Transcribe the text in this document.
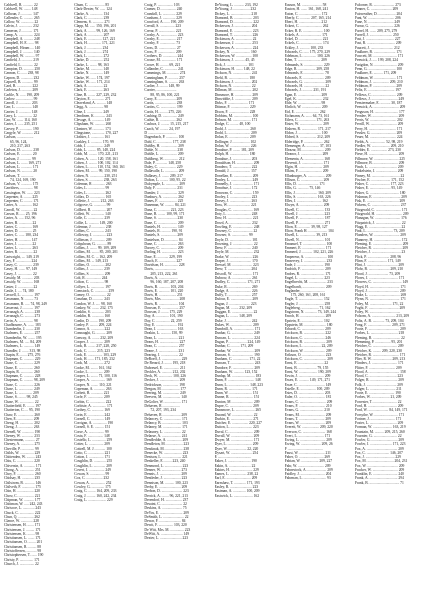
Caldwell, R. ........... 22
Caldwell, W. ........ 148
Calhoun, J. ............ 147
Callender, C. .......... 265
Callow, W. .............. 22
Calvin, J. ............... 232
Cameron, J. ........... 171
Camp, A. ................ 224
Campbell, A. .......... 248
Campbell, H. E. ...... 98
Campbell, Hiram .... 140
Campbell, J. ........... 140
Campbell, W. ........... 97
Canfield, J. ............ 219
Canfield, L. ............ 22
Campion, D. ........... 250
Cannon, C. ...... 238, 98
Capron, D. ............. 232
Capwell, B. ............ 99
Card, B. ................ 222
Carleton, J. ........... 209
Carlile, N. ...... 190, 209
Carlow ................... 99
Carroll, J. ............. 203
Carr, L. ................. 148
Carrier, J. ............. 148
Carry, L. ................ 22
Carr, W. ....... 114, 160
Carter, J. ...... 235, 251
Carvey, P. .............. 190
Cargyle, W. ............ 212
Carlson, ..................
65, 96, 124,
210, 217, 263
Carlson, D. ............ 238
Carlson, E. ............ 20
Carlson, J. ............ 99
Carlson, L. ....... 169, 271
Carlson, L. ............ 171
Carlson, N. ............ 20
Carlson, T. ..............
74, 124, 169, 190
Carlson, V. ............ 175
Carrithers, .............. 98
Cassington, W. ....... 223
Carpenter, A. ........ 225
Carpenter, C. ......... 171
Carter, A. .............. 162
Carroll, W. ............. 22
Carson, R. ..... 25, 196
Carter, A. ..... 152, 96
Carter, B. .............. 22
Carter, C. .............. 169
Carter, D. .............. 25
Carter, C. ...... 180, 234
Carter, H. ............. 147
Carter, J. ............... 22
Carter, L. .............. 263
Carter, R. ............... 22
Cartwright, .... 149, 219
Cary, F. ................ 224
Casey, C. ............... 239
Casey, H. ....... 97, 149
Casey, J. ................ 22
Cassidy, M. ............ 203
Cassidy, W. ............ 168
Caster, J. ................ 22
Castle, J. .... 74, 180
Caswell, L. ............. 197
Cassmann, N. ......... 73
Cassmann, B. ..... 74, 98, 249
Casserout, J. ........... 197
Cavanagh, A. .......... 238
Cavanagh, C. .......... 273
Cavin, A. ................ 98
Chadbourne, A. ....... 183
Chamberlin, J. ........ 230
Chalmers, E. ........... 257
Chamberlin, W. ........ 195
Chalmers, M. ..... 84, 209
Chalmers, L. ........... 149
Chandler, J. ....... 313, 98
Chapin, E. ....... 275, 276
Chapman, C. ........... 229
Chase, C. ................ 229
Chase, E. ................ 260
Chapin, R. .............. 260
Chapman, C. ........... 228
Chapman, C. .......... 98, 209
Chase, C. ................ 226
Chase, L. ................ 249
Chase, L. ............... 209
Chase, S. ........ 98, 245
Chase, W. ................ 22
Chatterfield, E. ........ 197
Chatterton, C. ... 95, 190
Chaw, E. ................. 260
Chen, E. ................. 209
Cheng, H. ............... 202
Cheng, J. ................ 263
Chenell, W. ............. 190
Cheney, W. ............. 233
Chestermann, ........... 27
Cheney, A. .............. 275
Cheville, P. .............. 99
Childs, W. ............... 229
Chittenden, W. ......... 243
Chiu, C. .................. 220
Chiversin, A. ............ 171
Chong, A. ................ 251
Choy, F. ................... 260
Chidsay, H. ............. 235
Chilstrom, B. ........... 146
Chilveth, F. .............. 175
Chin, H. .................. 220
Chow, C. ................. 221
Chipman, W. ........... 177
Chittman, W. ..... 242, 243
Chriscoe, L. ............. 243
Chuck, C. ................ 222
Chun, Q. ................. 262
Clance, W. ............. 228
Christensen, H. ....... 171
Christensen, J. ......... 171
Christensen, K. ........ 98
Christiansen, L. ....... 171
Christiansen, O. ........ 201
Christiansen, R. ......... 88
Christoffersen, ........... 98
Christophersen, T. ...... 190
Christy, P. ............... 171
Church, J. ................ 22
Chum, C. ................. 85
Clark-Dexter, W. ...... 124
Clarke, A. .............. 134
Clark, C. ................ 239
Clemens, S. ............ 271
Clapp, M. ...... 150, 196, 201
Clark, A. ........ 99, 126, 169
Clark, A. ................ 207
Clark, E. ............... 127, 221
Clark, H. .............. 171, 221
Clark, J. ................ 234
Clark, J. ................ 274
Clark, L. ................ 272
Clarke, D. .............. 252
Clarke, L. ........ 98, 163
Clarke, M. ............. 148
Clarke, N. .............. 149
Clarke, W. ...... 174, 197
Clarke, W. ...... 171, 214
Clark, A. ................ 22
Clark, E. ................ 263
Cline, B. ........ 227, 229, 232
Clayton, E. .............. 271
Cleaveland, A. .......... 148
Clegg, A. ................ 98
Cline, J. ................. 249
Clendinen, K. ........... 243
Clevage, A. ............. 149
Clipsham, W. ........... 260
Clontner, W. ............ 173
Clingstone, .............. 170, 227
Clothier, J. .............. 161
Coakley, J. ............ 170, 99
Cobb, J. .................. 249
Cobb, L. ......... 85, 148, 224
Cobb, M. ......... 170, 221, 213
Cohen, A. ........ 120, 158, 161
Cohen, J. ......... 100, 102, 114
Cohen, L. ........ 110, 152, 160, 161
Cohen, M. ........ 99, 150, 190
Cohen, N. ............... 230, 251
Cohen, S. ............... 238, 263
Coleman, R. ............. 263
Coles, L. .................. 99
Coles, L. .................. 262
Colfax, D. ................ 165
Collette, J. .......... 212, 263
Colgrove, G. ............. 99
Collbert, R. ............... 207
Collett, W. ............... 140
Colle, C. ................. 239
Collie, L. ........... 149, 200
Coleman, J. .............. 238
Collins, C. ............... 243
Colloway, J. .............. 223
Collinson, J. ............. 209
Colquhoun, G. ........... 89
Collins, J. ........ 99, 109, 209
Collins, M. ........ 85, 200, 201
Collins, M. C. ... 162, 209
Collins, M. ... 149, 213
Collins, O. ............... 202
Collins, J. ............... 239
Collins, S. ............... 209
Colt, R. ................ 244
Colton, C. ............... 98
Collyer, L. ............... 197
Comstock, C. .............. 259
Comey, O. ................. 22
Conahan, D. ........... 243
Condon, W. J. ..... 98, 160
Conkey, W. ........ 232, 175
Conklin, S. .............. 203
Conklin, R. ............. 160
Conlin, D. ........ 190, 209
Conley, P. ......... 209, 224
Connor, A. .............. 222
Connaught, G. .......... 209
Conway, A. ........ 232, 209
Cooper, J. ............... 209
Cook, B. ........ 217, 228, 250
Cook, C. ......... 215, 223
Cook, E. ................ 103, 229
Cook, H. ...... 171, 185, 232
Cook, M. ................ 272
Cooke, M. ........ 161, 162
Cooke, L. ............... 209
Cooper, L. ........ 71, 100, 116
Cooper, A. ................ 169
Cooper, N. ........ 110, 221
Copeman, A. ............ 263
Corbett, B. ............. 221
Corfe, F. ................. 209
Corbin, C. ................ 222
Corbiste, A. ............... 171
Corthey, C. ............. 169
Corin, E. ................. 242
Cornell, C. .............. 149
Corrigan, A. ............... 190
Cornell, S. E. .......... 151
Corse, A. ................. 99
Costa, F. ................. 148
Costello, L. ............... 259
Cotter, L. ................ 209
Cottrell, M. J. ........... 100
Cotto, C. ................. 221
Cotton, J. ................ 171
Coughlin, D. ............. 255
Coughlin, L. ............. 209
Covert, J. ................. 249
Cowan, S. ................ 99
Cox, C. .................. 232
Cowan, A. ................ 252
Cowley, G. .............. 175
Craig, C. ........ 164, 209, 233
Craig, J. ......... 160, 242, 234
Craig, L. .................... 229
Craig, P. ................. 103
Cramer, D. ................ 240
Crandall, L. .............. 229
Cranham, J. .............. 229
Crawford, A. ...... 190, 209
Crerall, S. ................ 223
Crerar, P. .................. 221
Crosby, A. .................. 223
Crosby, E. ................. 217
Crosby, F. ................. 73
Cross, D. ................... 27
Cross, P. ................... 209
Crothers, D. ............... 244
Crouse, M. ................ 171
Crowe, H. ......... 69, 221
Cullander, C. .............. 241
Cummings, M. ............. 274
Cunningham, P. ........... 257
Cunningham, S. .......... 263
Curlier, J. ......... 148, 99
Currier, ......................
88, 95, 86, 100, 221
Curry, E. ................... 209
Curtis, ....................... 238
Curtiss, C. ................. 199
Curtis, H. ......... 275, 226
Cushing, D. ................ 249
Cuthie, R. ................. 262
Cushwa, J. ......... 15, 215, 217
Czach, W. ......... 24, 197
D ...............................
Dagenbach, P. ............. 100
Dahl, C. ................ 177, 238
Dahlby, H. .................. 209
Dahle, N. ................... 238
Dahlle, L. ................... 209
Dahlberg, W. ............... 212
Dale, P. ............ 148, 258
Daley, C. ................... 229
Dallavalle, L. .............. 209
Dallasey, J. ........ 209, 217
Dalton, L. ......... 100, 95, 22
Dalrymple, L. .............. 209
Daly, F. ...................... 231
Damler, J. ................... 229
Danbury, A. ................ 262
Danes, F. .................... 225
Daneman, W. .......... 84, 221
Dana, C. ............. 221, 223
Dane, B. ........ 100, 99, 171
Dane, S. ..................... 230
Dane, C. ..................... 209
Daniels, H. ................. 149
Daniels, R. .......... 190, 91
Daniels, S. ................. 209
Danielson, D. .............. 84
Dane, C. ..................... 263
Darcey, C. .................. 209
Darling, H. ................. 223
Dase, E. ............ 229, 199
Dasch, E. .................. 227
Davidson, H. ............... 228
Davis, ........................
205, 213, 222, 261
Davis, A. .....................
96, 160, 187, 207, 208
Davis, B. ............ 103, 204
Davis, E. ............ 101, 220
Davis, H. ................... 251
Davis, Mrs. .................. 208
Davis, R. ..................... 104
Dawson, E. .................. 257
Dawson, J. ........ 175, 229
Day, A. .............. 101, 190
Day, C. ............... 22, 259
Day, E. ....................... 192
Dean, J. ...................... 163
Deakin, L. ........... 150, 99
Dean, L. ...................... 221
Deans, H. ..................... 227
Dean, C. ...................... 257
Deane, J. ..................... 231
Dearing, J. ................... 22
DeBoeff, J. ..................... 229
De Berard, J. ........ 195, 218
Dubreuel, E. ................. 211
Deckler, A. ........... 212, 202
Deck, W. ............... 100, 226
Decker, J. ..................... 209
Dedrickson, ................. 198
Deegan, M. ................... 177
Deering, M. .................. 249
Deevers, M. ................... 140
DeGolier, W. .................. 171
Dehaven, R. ..................
72, 207, 193, 234
Dehaven, R. ................... 209
Delancey, C. ................... 171
Delancy, B. ..................... 103
Delaney, M. .................... 171
Delauney, L. ................... 22
Delarue, A. ..................... 241
Dendleddie, A. ................ 209
Dendleton, M. .................. 223
Dendarak, M. ................... 238
Denecke, W. .................... 223
Denison, L. ..................... 221
Denkeller, E. ........ 223, 240
Denmond, L. ................... 223
Denner, W. ..................... 273
Dennis, J. ....................... 209
Dentleder, J. ................... 223
Dennison, M. .......... 100, 223
Derby, E. ........................ 209
Derbon, D. ....................... 223
Derrick, A. ........ 96, 221, 213
Derendorf, H. .................. 237
Desaint, C. ....................... 22
Deskins, A. ...................... 75
DeVos, E. ......................... 209
DeSmith, L. ....................... 22
Dewar, F. ........................ 84
Dewit, F. ................ 103, 220
De Witt, Mrs. M. ............... 223
DeWitt, A. ........................ 149
Dexter, L. ........................ 223
DeYoung, L. ........... 233, 192
DeYoung, J. .................. 232
Dickey, L. ...................... 218
Diamond, B. .................... 203
Diamond, D. .................... 222
Dickerson, J. .................. 204
Diamond, E. .................... 223
Diamond, T. .................... 226
Dickinson, A. .................. 22
Dickenson, J. .................. 253
Dickerson, A. .................. 224
Dickey, N. ..................... 160
Dickerson, W. ................. 100
Dickinson, J. ........... 45, 45
Dick, J. ....................... 101
Dickinson, H. ........ 148, 22
Dickson, N. .................... 241
Diehl, B. ...................... 180
Dickinson, J. .................. 202
Dickson, N. .................... 22
Dillman, M. .................... 202
Dinsmore, H. .................. 209
Dinwiddie, J. .................. 209
Dirks, F. ...................... 171
Dittmar, F. .................... 229
Dixon, F. ...................... 228
Dobbins, M. .................... 100
Dobson, M. .................... 171
Dodge, C. ......... 48, 100
Dodd, J. ........................ 260
Dodd, L. ........................ 209
Dolan, E. ...................... 209
Dollinger, J. .................. 102
Dolan, W. ...................... 226
Donahue, P. ........ 181, 209
Dolph, H. ..................... 180
Donahue, J. .................... 203
Donaldson, H. .................. 209
Dondero, T. .................... 222
Donald, J. ...................... 157
Donellan, E. .................... 209
Donley, L. ....................... 249
Donnelly, J. ...................... 171
Donohue, J. .................... 172
Donovan, C. .................... 159
Dooley, J. ....................... 223
Dorsey, J. ....................... 263
Doss, W. ........................ 221
Douglas, C. ...................... 169
Doty, L. .......................... 248
Dow, H. ........................... 221
Dowd, A. ........................ 232
Dowling, E. ...................... 248
Downey, C. ...................... 22
Downer, S. .................. 99
Doyle, D. ........................ 101
Downing, J. ...................... 22
Drew, F. .......................... 240
Doyle, M. ......................... 232
Drake, W. ........................ 226
Draper, J. ........................ 170
Dressel, M. ...................... 223
Drew, T. ......................... 204
Driscoll, W. ..................... 171
Dubrow, A. ..................... 261
Dudley, C. ................. 171, 271
Duke, R. ......................... 269
Dudge, A. ....................... 226
Duffy, T. ......................... 257
Dufour, E. ....................... 209
Dugan, J. ....................... 223
Dugan, M. ........ 232, 209
Duggan, E. ....................... 22
Dugan, L. ......... 148, 209
Duke, J. .......................... 242
Dukes, W. ........................ 209
Dumbrill, A. ...................... 171
Dunbar, G. ........................ 249
Duncan, L. ........................ 224
Dugan, P. ................... 224, 149
Dunbar, C. ......... 171, 209
Dunbar, W. ........................ 209
Duncan, S. ........................ 190
Dunham, C. ................. 171, 22
Duncan, T. ......................... 243
Dundore, F. ....................... 209
Dunham, W. ........... 123, 152
Dunlap, M. ......................... 183
Dunn, F. ............................. 148
Dunn, L. ....................... 148, 223
Dunn, R. ......................... 171
Dunn, W. ......................... 151
Dunne, R. ......................... 151
Dunton, M. ....................... 209
Dupre, C. ......................... 209
Dunsmore, L. ..................... 265
Durand, W. ....................... 22
Durkin, E. ........................ 271
Dutcher, E. .................. 220, 227
Dutton, L. ........................ 223
Duval, C. .......................... 209
Duvall, W. ........................ 209
Dwyer, M. ........................ 171
Dyer, L. ........................... 209
Dyer, W. .................... 22, 220
Dysart, W. ....................... 254
E .....................................
Eaker, J. ......................... 190
Eakin, A. ........................ 22
Eakins, H. ........................ 229
Eames, L. .................. 238, 22
Earl, E. ........................... 209
Earnshaw, T. ............. 171, 193
Easley, R. ........................ 223
Eastman, A. .............. 100, 209
Eastwick, L. ..................... 162
Easson, M. ...................... 58
Easton, H. ....... 161, 168, 241
Eaton, C. ........................ 172
Eberly, C. ........... 207, 165, 214
Ebert, H. ........................ 212
Eckert, C. ........................ 262
Ecker, R. E. ...................... 100
Eckels, A. ....................... 171
Eckel, D. ......................... 221
Eckels, C. ........................ 174
Eckley, J. ........... 100, 233
Edwards, C. ...... 175, 270, 229
Edelman, L. .............. 100, 226
Eden, T. ......................... 209
Edmunds, S. ..................... 229
Edge, R. ................... 209, 258
Edmonds, E. ...................... 78
Edwards, E. ....................... 209
Edwards, G. ....................... 209
Edwards, H. ....................... 22
Edwards, J. ........... 231, 191
Egan, E. ......................... 209
Egel, K. ........................... 232
Ehle, W. ......................... 98
Ehrlich, W. ..................... 209
Eid, E. .......................... 262
Eichmann, A. ....... 64, 73, 161
Eilers, C. .................. 171, 263
Eister, W. ......................... 209
Eishem, R. ................. 171, 217
Eldon, J. ......................... 100
Eldred, S. .................. 212, 209
Elderidge, P. ..................... 262
Elemenger, A. .............. 37, 103
Eleazar, M. ........................ 209
Eleanor, J. ....................... 209
Elementa, A. ..................... 168
Eleventi, J. ....................... 171
Elgin, H. .......................... 209
Elkins, F. ......................... 209
Ellanburger, A. ................... 209
Ellison, C. ........................ 209
Ellis, D. ....................... 171
Ellis, G. ............ 75, 146
Ellis, J. ....................... 160, 209
Ellis, S. ...................... 163, 226
Elles, J. ........................... 162
Elwyn, A. ......................... 209
Elwell, C. .......................... 133
Elwell, J. ........................... 223
Elwell, F. ........................... 187
Elwell, P. ........................... 271
Elton, E. ............. 39, 98, 127
Elton, Frank H. ..................... 104
Elwell, L. ................. 39, 213
Elwell, N. .......................... 101
Emanuel, T. ......................... 100
Emmert, E. ......................... 171
Emmerd, J. ........... 102, 221, 226
Empereur, A. ........................ 100
Emservey, J. ........................ 233
Ende, J. ............................. 190
Endrich, F. ......................... 209
Endres, R. .......................... 171
Engel, L. ........................... 223
Engelbrecht, M. ................... 233
Engelhardt, ......................... 209
Englander, ..........................
175, 260, 161, 208, 161
Engle, T. ........................... 152
Engler, J. ........................... 258
Engleberg, ................... 71, 162
Engstrom, N. ............. 73, 149, 244
Enoch, H. ........................... 209
Epstein, E. ........................ 102
Eppstein, M. ........................ 180
Erhardt, C. ......................... 209
Erickson, B. ....................... 222
Erickson, C. ....................... 246
Erickson, B. ........................ 209
Erickson, L. ................... 22, 209
Erickson, W. ....................... 209
Erikson, O. ......................... 223
Erickson, C. ......................... 209
Ernst, E. ............................ 22
Ernst, B. .................... 79, 155
Ernst, W. .................... 190, 209
Erwin, J. ............................ 209
Essex, E. ........... 149, 171, 271
Esser, C. ............................. 149
Estelle, E. ................. 100, 209
Estes, D. ............................ 203
Euler, O. ............................. 181
Evans, C. ............................. 209
Evans, F. ............................. 210
Evans, G. .......................... 210
Evans, M. ........................... 209
Evans, T. ............................ 209
Evans, W. ........................... 209
Everett, W. ................... 209, 220
Everson, C. ......................... 168
Evert, L. ............................ 171
Ewing, L. ............................ 209
Ewing, W. ...................... 209, 26
F .......................................
Faust, W. ............................ 211
Faber, O. ........................... 269
Fabian, W. ................... 209, 227
Fahr, W. ............................. 209
Fahnestock, A. ..................... 209
Faidley, J. ........................... 204
Fahrman, L. ......................... 93
Falconer, R. ....................... 273
Fenner, C. ....................... 209
Fairweather, D. ................... 204
Fant, W. ............................. 206
Fane, N. ............................ 249
Farrar, G. .......................... 226
Farrel, H. ....... 209, 275, 279
Farrell, J. ......................... 250
Fast, J. ............................... 227
Fast, R. ............................... 209
Faucett, J. ......................... 212
Faulkner, B. ........................ 171
Fawcett, M. .......................... 171
Fenwick, J. ..... 199, 208, 224
Farigdon, N. ......................... 209
Fenn, G. .............................. 100
Faulkner, E. .......... 171, 209
Feldman, W. ........................ 171
Feldman, J. .................. 209, 210
Feldman, P. ......................... 209
Felix, E. ............................. 197
Fellows, C. .......................... 209
Fellows, J. ............................. 249
Fenstermaker, E. ........... 30, 187
Fenwick, A. ............................ 209
Ferguson, H. .......................... 177
Fernlee, W. ............................ 209
Ferris, W. ............................. 202
Ferrill, W. ............................. 209
Ferry, H. .............................. 171
Fessler, G. ........................... 209
Feuer, M. ............................. 224
Fields, A. ................. 52, 98, 219
Fiedler, W. .................... 209, 210
Fielder, E. .................. 273, 230
Fiese, H. ................................ 209
Fillmore, W. ........................... 225
Fillmore, B. ........................... 209
Finch, L. ............................... 209
Finkelstein, J. ....................... 209
Finney, M. ............................... 22
Fischer, E. ..................... 171, 152
Fisher, C. ...................... 177, 223
Fisher, E. ....................... 95, 149
Fisher, G. ................................ 180
Fishman, E. .............................. 209
Fisk, E. ................................... 209
Firkens, C. ............................... 237
Fitzgerald, C. ............................ 171
Fitzgerald, H. ............................. 209
Flanagan, W. ............................ 176
Fitzpatrick, J. ............................ 22
Flagg, E. ................................... 22
Fink, L. ............................ 73, 209
Flanders, W. ............................ 209
Flannery, H. .............................. 172
Fleming, E. ................................ 209
Fletcher, R. ................................ 209
Fletcher, J. ................................ 23
Flick, P. ........................ 208, 96
Flinn, F. ..................... 171, 149
Flint, J. .................................. 209
Flohr, B. ....................... 209, 210
Flood, J. ...................... 73, 209
Flores, J. ................................ 171
Flowers, C. ................................ 149
Floyd, H. ................................. 171
Floyd, J. .................................. 209
Fluke, L. .................................. 269
Flynn, N. ................................. 171
Foley, M. ........................ 171, 22
Foght, F. ................................. 209
Foley, W. ..................................
Folsom, A. .......................... 213, 209
Foltz, A. B. ............. 73, 209, 104
Fong, F. .......................... 209, 271
Foote, F. .................................. 209
Forbes, L. .............................. 218
Fleming, R. .............................. 22
Flemming, P. ................. 95, 201
Fletcher, C. ........................... 209
Fletcher, K. ......... 209, 220, 230
Fletcher, R. ............................. 171
Flier, R. W. ..................... 209, 213
Flinders, J. ............................ 171
Flitter, F. ............................. 209
Flood, A. ................................. 158
Flood, C. .............................. 223
Folger, R. .............................. 209
Folk, J. ................................. 209
Folger, L. ............................ 211
Foote, E. ............................ 190
Forbes, W. .................... 21, 209
Forrester, T. .......................... 22
Ford, H. ................................ 209
Ford, W. ...................... 84, 149, 171
Forsythe, W. .......................... 171
Fortner, J. ........................... 171
Foster, L. .............................. 209
Forman, W. ..................... 163, 219
Fountain, M. .......... 209, 215, 260
Fournier, G. .......................... 22
Fowler, G. ............................. 209
Fowler, J. ........................ 171, 223
Fox, A. .................................. 209
Fox, C. ......................... 146, 207
Fox, J. ................................ 229
Fox, M. ............................. 204, 231
Fox, W. .................................. 209
Fracker, W. ............................ 209
Franklin, E. ........................... 240
Frank, A. ............................... 294
Frank, B. ................................. 71
